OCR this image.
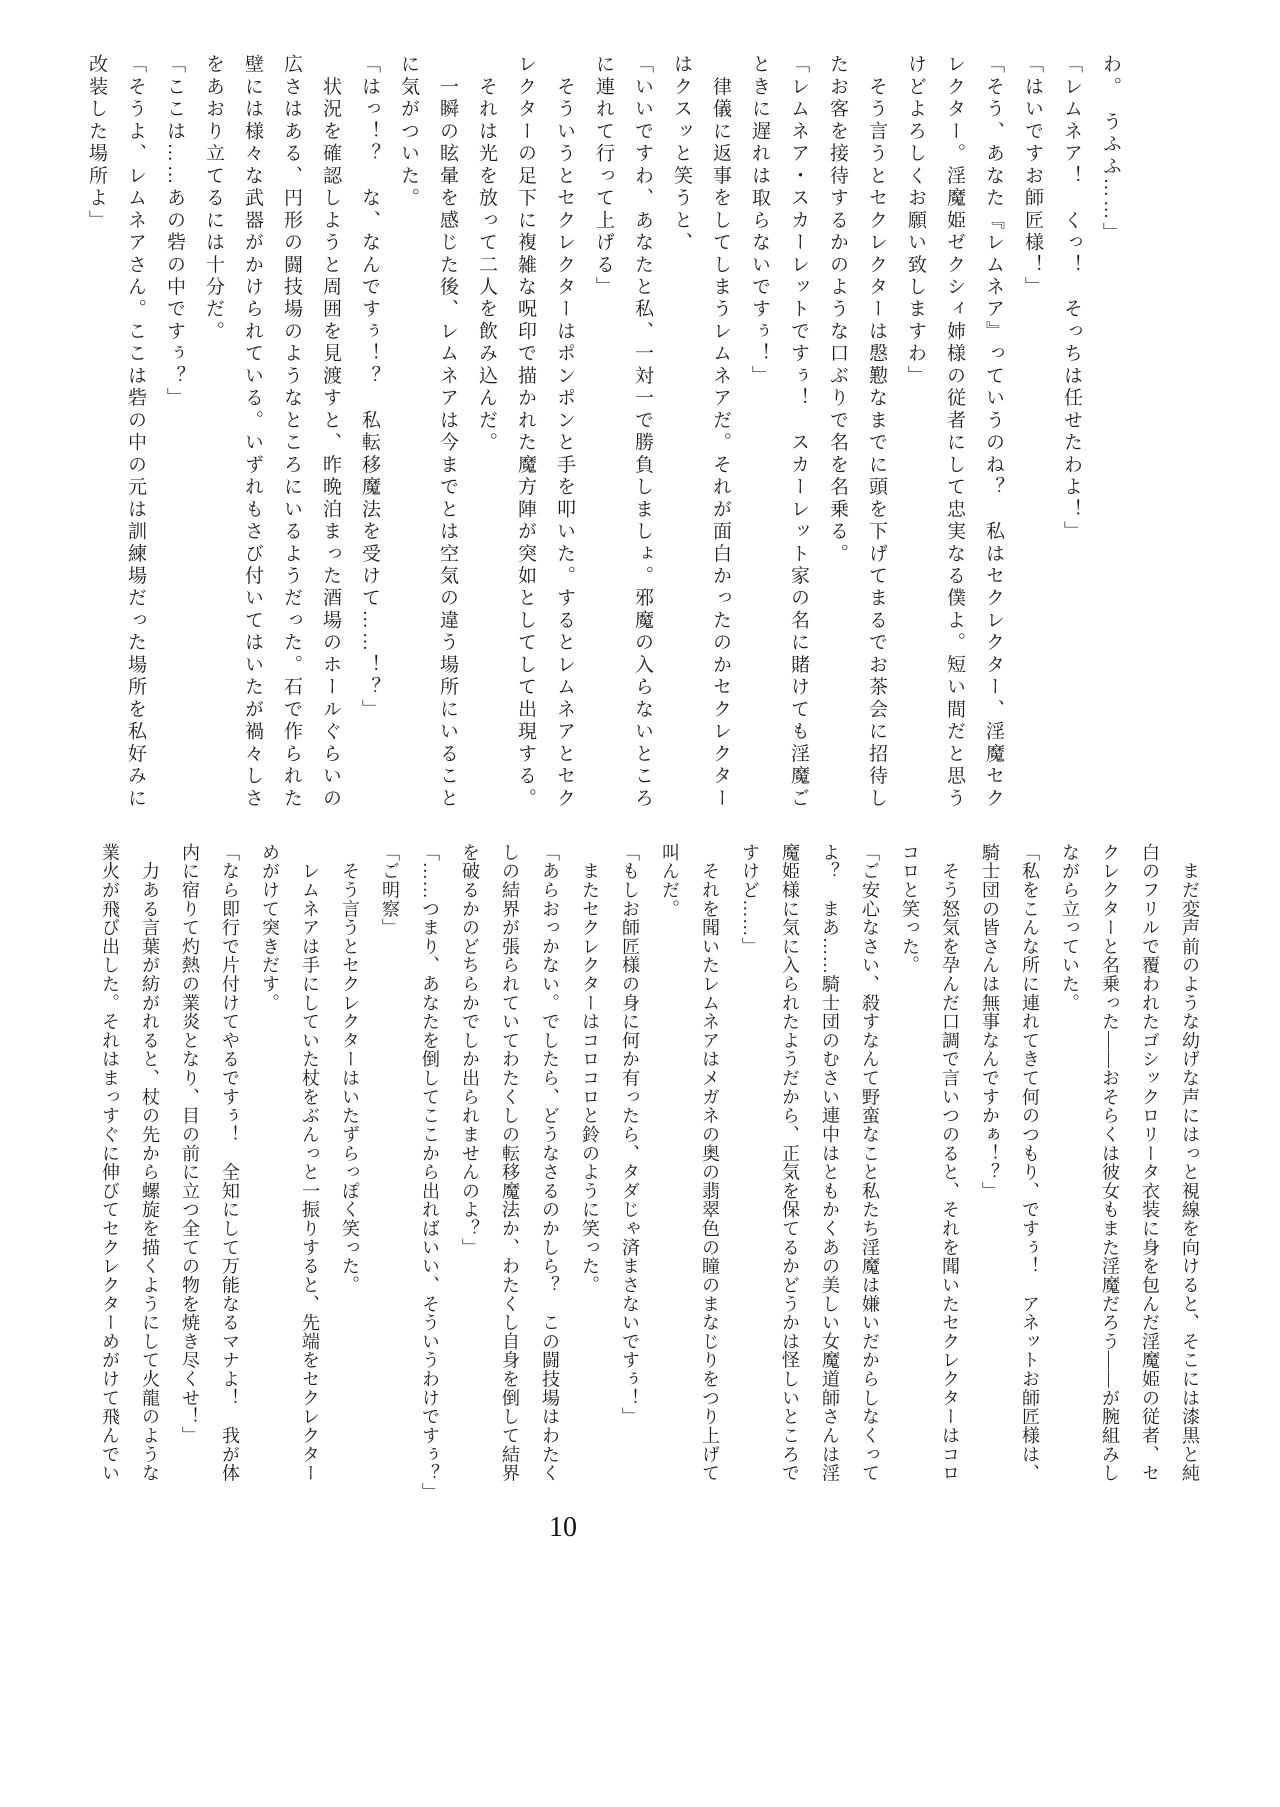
わ。　うふふ……」
「レムネア！　くっ！　そっちは任せたわよ！」
「はいですお師匠様！」
「そう、あなた『レムネア』っていうのね？　私はセクレクター、淫魔セク
レクター。淫魔姫ゼクシィ姉様の従者にして忠実なる僕よ。短い間だと思う
けどよろしくお願い致しますわ」
　そう言うとセクレクターは慇懃なまでに頭を下げてまるでお茶会に招待し
たお客を接待するかのような口ぶりで名を名乗る。
「レムネア・スカーレットですぅ！　スカーレット家の名に賭けても淫魔ご
ときに遅れは取らないですぅ！」
　律儀に返事をしてしまうレムネアだ。それが面白かったのかセクレクター
はクスッと笑うと、
「いいですわ、あなたと私、一対一で勝負しましょ。邪魔の入らないところ
に連れて行って上げる」
　そういうとセクレクターはポンポンと手を叩いた。するとレムネアとセク
レクターの足下に複雑な呪印で描かれた魔方陣が突如としてして出現する。
　それは光を放って二人を飲み込んだ。
　一瞬の眩暈を感じた後、レムネアは今までとは空気の違う場所にいること
に気がついた。
「はっ！？　な、なんですぅ！？　私転移魔法を受けて……！？」
　状況を確認しようと周囲を見渡すと、昨晩泊まった酒場のホールぐらいの
広さはある、円形の闘技場のようなところにいるようだった。石で作られた
壁には様々な武器がかけられている。いずれもさび付いてはいたが禍々しさ
をあおり立てるには十分だ。
「ここは……あの砦の中ですぅ？」
「そうよ、レムネアさん。ここは砦の中の元は訓練場だった場所を私好みに
改装した場所よ」
　まだ変声前のような幼げな声にはっと視線を向けると、そこには漆黒と純
白のフリルで覆われたゴシックロリータ衣装に身を包んだ淫魔姫の従者、セ
クレクターと名乗った――おそらくは彼女もまた淫魔だろう――が腕組みし
ながら立っていた。
「私をこんな所に連れてきて何のつもり、ですぅ！　アネットお師匠様は、
騎士団の皆さんは無事なんですかぁ！？」
　そう怒気を孕んだ口調で言いつのると、それを聞いたセクレクターはコロ
コロと笑った。
「ご安心なさい、殺すなんて野蛮なこと私たち淫魔は嫌いだからしなくって
よ？　まあ……騎士団のむさい連中はともかくあの美しい女魔道師さんは淫
魔姫様に気に入られたようだから、正気を保てるかどうかは怪しいところで
すけど……」
　それを聞いたレムネアはメガネの奥の翡翠色の瞳のまなじりをつり上げて
叫んだ。
「もしお師匠様の身に何か有ったら、タダじゃ済まさないですぅ！」
　またセクレクターはコロコロと鈴のように笑った。
「あらおっかない。でしたら、どうなさるのかしら？　この闘技場はわたく
しの結界が張られていてわたくしの転移魔法か、わたくし自身を倒して結界
を破るかのどちらかでしか出られませんのよ？」
「……つまり、あなたを倒してここから出ればいい、そういうわけですぅ？」
「ご明察」
　そう言うとセクレクターはいたずらっぽく笑った。
　レムネアは手にしていた杖をぶんっと一振りすると、先端をセクレクター
めがけて突きだす。
「なら即行で片付けてやるですぅ！　全知にして万能なるマナよ！　我が体
内に宿りて灼熱の業炎となり、目の前に立つ全ての物を焼き尽くせ！」
　力ある言葉が紡がれると、杖の先から螺旋を描くようにして火龍のような
業火が飛び出した。それはまっすぐに伸びてセクレクターめがけて飛んでい
10
